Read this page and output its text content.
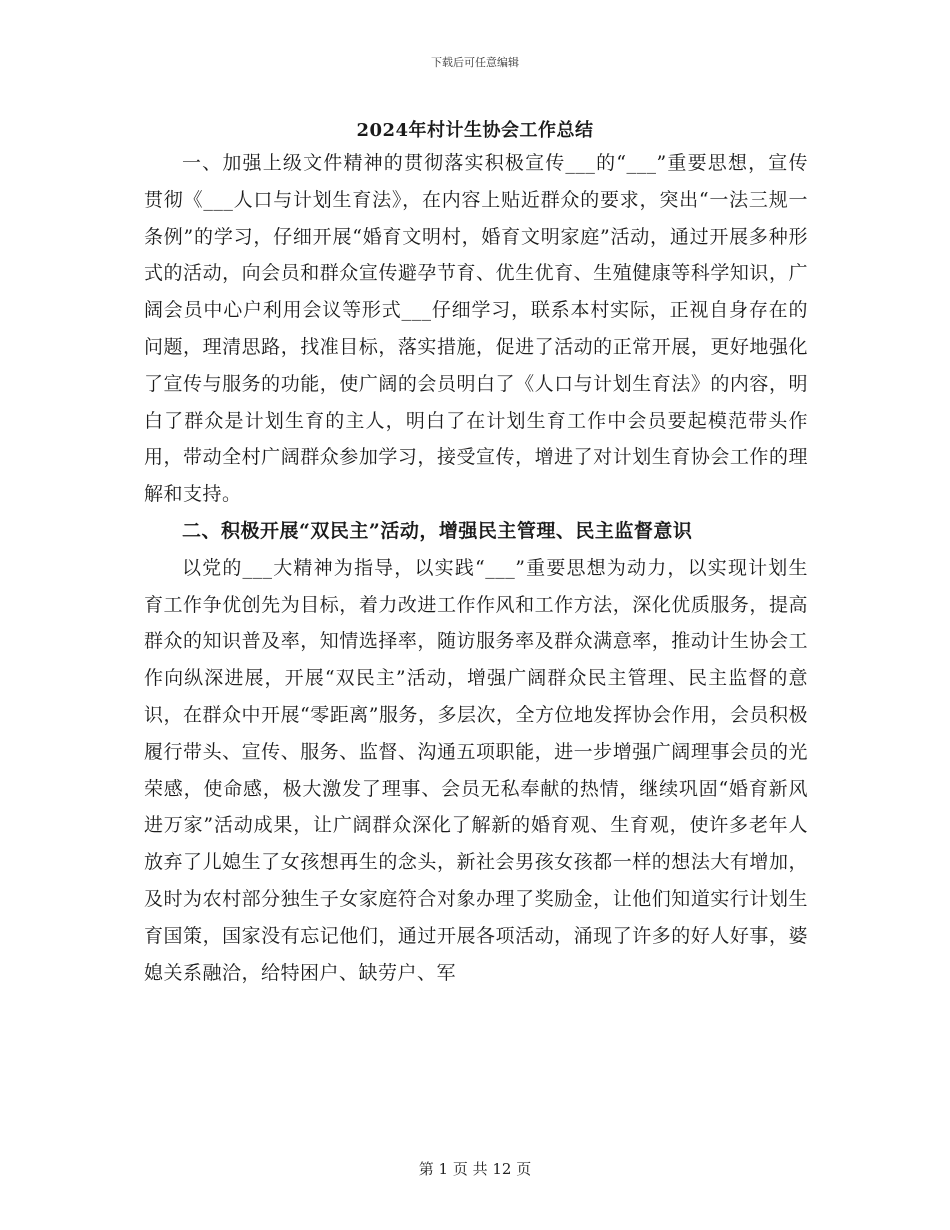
下载后可任意编辑
2024年村计生协会工作总结

一、加强上级文件精神的贯彻落实积极宣传___的“___”重要思想，宣传贯彻《___人口与计划生育法》，在内容上贴近群众的要求，突出“一法三规一条例”的学习，仔细开展“婚育文明村，婚育文明家庭”活动，通过开展多种形式的活动，向会员和群众宣传避孕节育、优生优育、生殖健康等科学知识，广阔会员中心户利用会议等形式___仔细学习，联系本村实际，正视自身存在的问题，理清思路，找准目标，落实措施，促进了活动的正常开展，更好地强化了宣传与服务的功能，使广阔的会员明白了《人口与计划生育法》的内容，明白了群众是计划生育的主人，明白了在计划生育工作中会员要起模范带头作用，带动全村广阔群众参加学习，接受宣传，增进了对计划生育协会工作的理解和支持。

二、积极开展“双民主”活动，增强民主管理、民主监督意识

以党的___大精神为指导，以实践“___”重要思想为动力，以实现计划生育工作争优创先为目标，着力改进工作作风和工作方法，深化优质服务，提高群众的知识普及率，知情选择率，随访服务率及群众满意率，推动计生协会工作向纵深进展，开展“双民主”活动，增强广阔群众民主管理、民主监督的意识，在群众中开展“零距离”服务，多层次，全方位地发挥协会作用，会员积极履行带头、宣传、服务、监督、沟通五项职能，进一步增强广阔理事会员的光荣感，使命感，极大激发了理事、会员无私奉献的热情，继续巩固“婚育新风进万家”活动成果，让广阔群众深化了解新的婚育观、生育观，使许多老年人放弃了儿媳生了女孩想再生的念头，新社会男孩女孩都一样的想法大有增加，及时为农村部分独生子女家庭符合对象办理了奖励金，让他们知道实行计划生育国策，国家没有忘记他们，通过开展各项活动，涌现了许多的好人好事，婆媳关系融洽，给特困户、缺劳户、军

第 1 页 共 12 页
